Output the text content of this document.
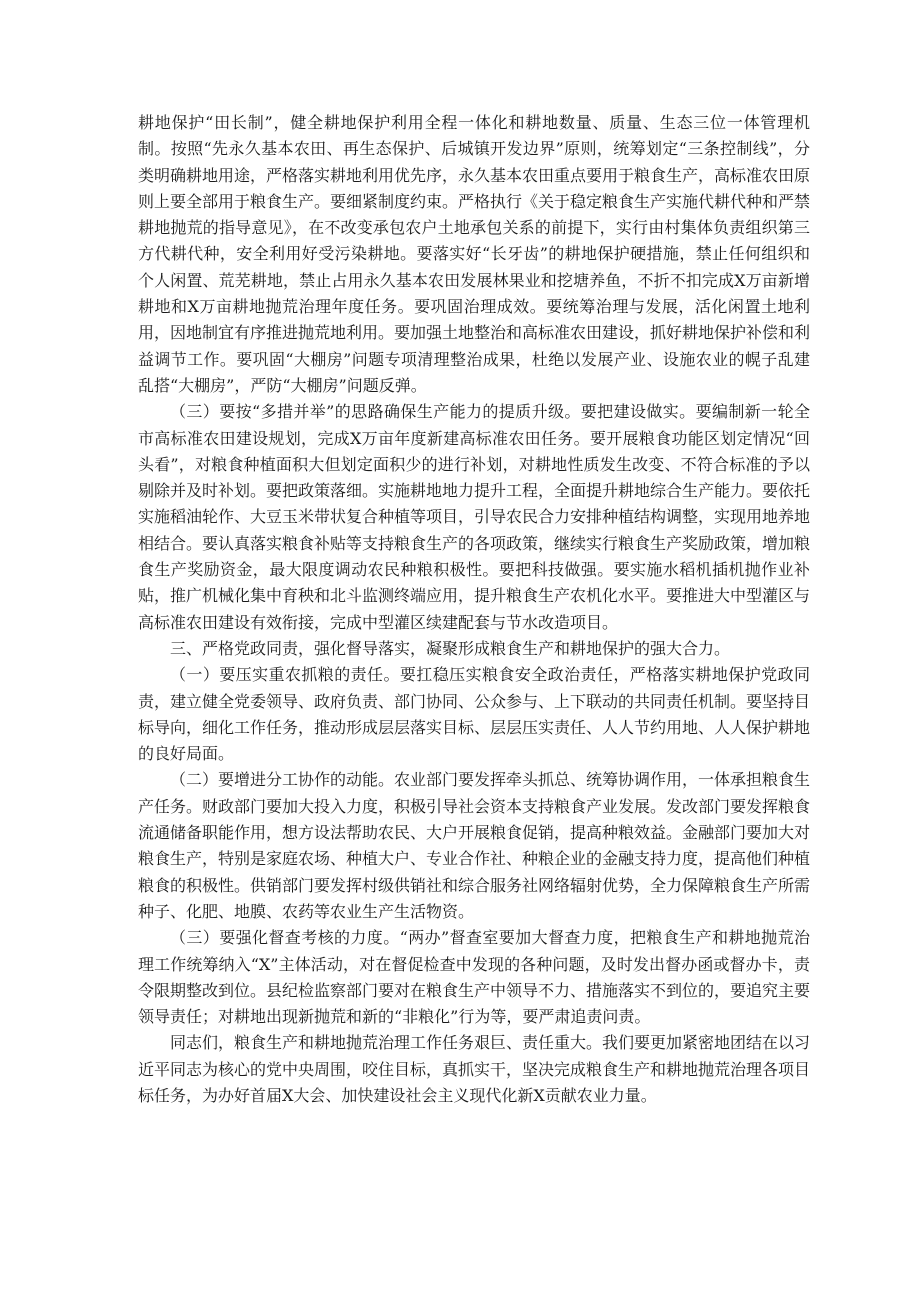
耕地保护“田长制”，健全耕地保护利用全程一体化和耕地数量、质量、生态三位一体管理机制。按照“先永久基本农田、再生态保护、后城镇开发边界”原则，统筹划定“三条控制线”，分类明确耕地用途，严格落实耕地利用优先序，永久基本农田重点要用于粮食生产，高标准农田原则上要全部用于粮食生产。要细紧制度约束。严格执行《关于稳定粮食生产实施代耕代种和严禁耕地抛荒的指导意见》，在不改变承包农户土地承包关系的前提下，实行由村集体负责组织第三方代耕代种，安全利用好受污染耕地。要落实好“长牙齿”的耕地保护硬措施，禁止任何组织和个人闲置、荒芜耕地，禁止占用永久基本农田发展林果业和挖塘养鱼，不折不扣完成X万亩新增耕地和X万亩耕地抛荒治理年度任务。要巩固治理成效。要统筹治理与发展，活化闲置土地利用，因地制宜有序推进抛荒地利用。要加强土地整治和高标准农田建设，抓好耕地保护补偿和利益调节工作。要巩固“大棚房”问题专项清理整治成果，杜绝以发展产业、设施农业的幌子乱建乱搭“大棚房”，严防“大棚房”问题反弹。

（三）要按“多措并举”的思路确保生产能力的提质升级。要把建设做实。要编制新一轮全市高标准农田建设规划，完成X万亩年度新建高标准农田任务。要开展粮食功能区划定情况“回头看”，对粮食种植面积大但划定面积少的进行补划，对耕地性质发生改变、不符合标准的予以剔除并及时补划。要把政策落细。实施耕地地力提升工程，全面提升耕地综合生产能力。要依托实施稻油轮作、大豆玉米带状复合种植等项目，引导农民合力安排种植结构调整，实现用地养地相结合。要认真落实粮食补贴等支持粮食生产的各项政策，继续实行粮食生产奖励政策，增加粮食生产奖励资金，最大限度调动农民种粮积极性。要把科技做强。要实施水稻机插机抛作业补贴，推广机械化集中育秧和北斗监测终端应用，提升粮食生产农机化水平。要推进大中型灌区与高标准农田建设有效衔接，完成中型灌区续建配套与节水改造项目。

三、严格党政同责，强化督导落实，凝聚形成粮食生产和耕地保护的强大合力。

（一）要压实重农抓粮的责任。要扛稳压实粮食安全政治责任，严格落实耕地保护党政同责，建立健全党委领导、政府负责、部门协同、公众参与、上下联动的共同责任机制。要坚持目标导向，细化工作任务，推动形成层层落实目标、层层压实责任、人人节约用地、人人保护耕地的良好局面。

（二）要增进分工协作的动能。农业部门要发挥牵头抓总、统筹协调作用，一体承担粮食生产任务。财政部门要加大投入力度，积极引导社会资本支持粮食产业发展。发改部门要发挥粮食流通储备职能作用，想方设法帮助农民、大户开展粮食促销，提高种粮效益。金融部门要加大对粮食生产，特别是家庭农场、种植大户、专业合作社、种粮企业的金融支持力度，提高他们种植粮食的积极性。供销部门要发挥村级供销社和综合服务社网络辐射优势，全力保障粮食生产所需种子、化肥、地膜、农药等农业生产生活物资。

（三）要强化督查考核的力度。“两办”督查室要加大督查力度，把粮食生产和耕地抛荒治理工作统筹纳入“X”主体活动，对在督促检查中发现的各种问题，及时发出督办函或督办卡，责令限期整改到位。县纪检监察部门要对在粮食生产中领导不力、措施落实不到位的，要追究主要领导责任；对耕地出现新抛荒和新的“非粮化”行为等，要严肃追责问责。

同志们，粮食生产和耕地抛荒治理工作任务艰巨、责任重大。我们要更加紧密地团结在以习近平同志为核心的党中央周围，咬住目标，真抓实干，坚决完成粮食生产和耕地抛荒治理各项目标任务，为办好首届X大会、加快建设社会主义现代化新X贡献农业力量。
